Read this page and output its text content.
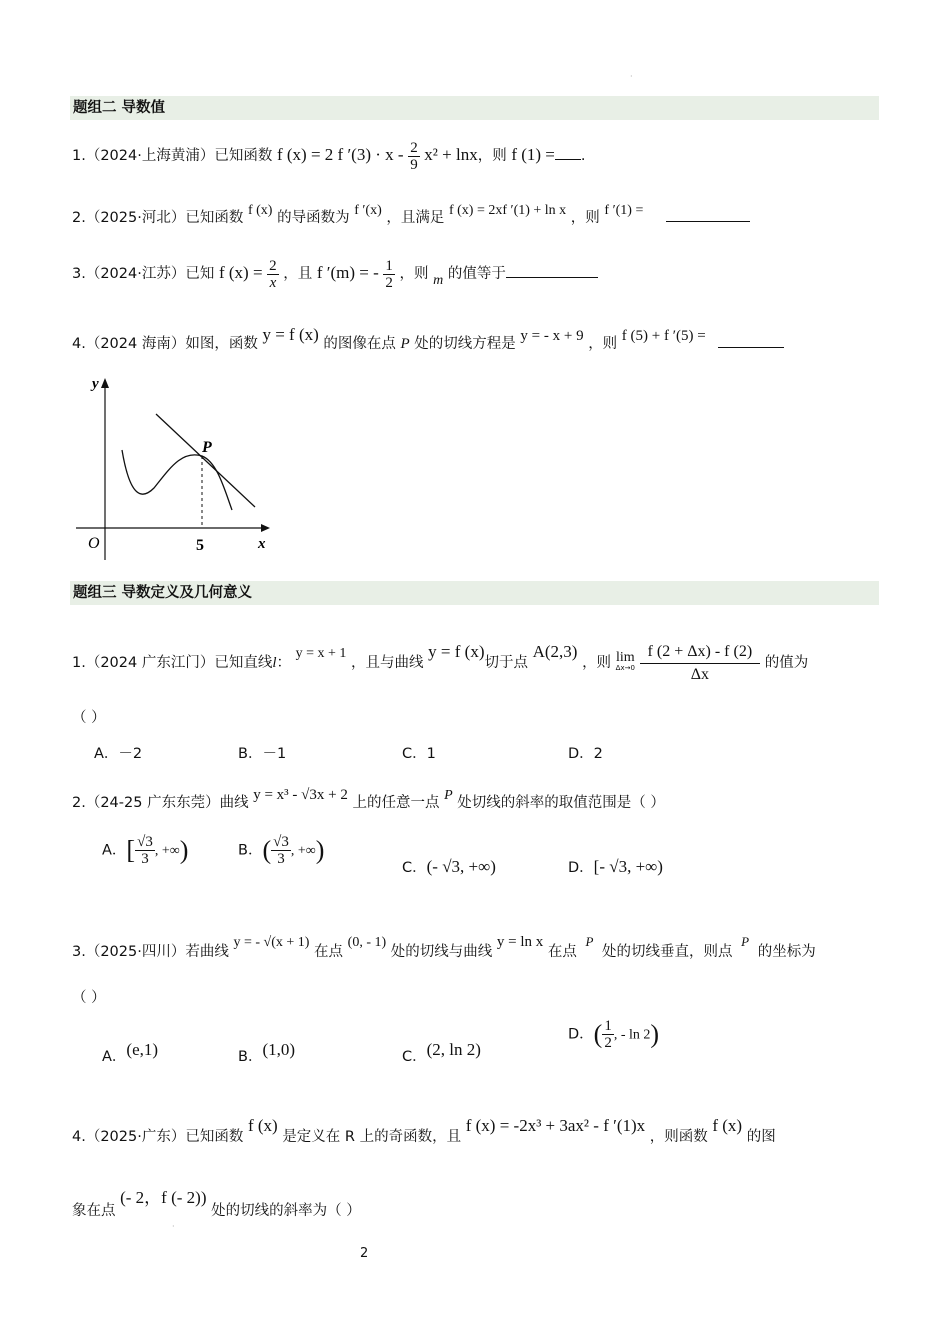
·
题组二 导数值
1.（2024·上海黄浦）已知函数 f (x) = 2 f $'(3) \cdot x - \frac{2}{9} x^2 + \ln x$，则 f (1) = .
2.（2025·河北）已知函数 f (x) 的导函数为 f ′(x) ，且满足 f (x) = 2xf ′(1) + ln x ，则 f ′(1) =
3.（2024·江苏）已知 f $(x) = \frac{2}{x}$ ，且 f ′(m) = - $\frac{1}{2}$ ，则 m 的值等于
4.（2024 海南）如图，函数 y = f (x) 的图像在点 P 处的切线方程是 y = - x + 9 ，则 f (5) + f ′(5) =
y
x
O
P
5
题组三 导数定义及几何意义
1.（2024 广东江门）已知直线l： y = x + 1 ，且与曲线 y = f (x)切于点 A(2,3) ，则 lim
Δx→0
$\frac{f (2 + \Delta x) - f (2)}{\Delta x}$ 的值为
（ ）
A．－2	B．－1	C．1	D．2
2.（24-25 广东东莞）曲线 y = x³ - √3x + 2 上的任意一点 P 处切线的斜率的取值范围是（ ）
A．[ $\frac{√3}{3}$ , +∞)	B．( $\frac{√3}{3}$ , +∞)
C．(- √3, +∞)	D．[- √3, +∞)
3.（2025·四川）若曲线 y = - √(x + 1) 在点 (0, - 1) 处的切线与曲线 y = ln x 在点 P 处的切线垂直，则点 P 的坐标为
（ ）
A．(e,1)	B．(1,0)	C．(2, ln 2)
D．( $\frac{1}{2}$ , - ln 2)
4.（2025·广东）已知函数 f (x) 是定义在 R 上的奇函数，且 f (x) = -2x³ + 3ax² - f ′(1)x ，则函数 f (x) 的图
象在点 (- 2，f (- 2)) 处的切线的斜率为（ ）
·
2
